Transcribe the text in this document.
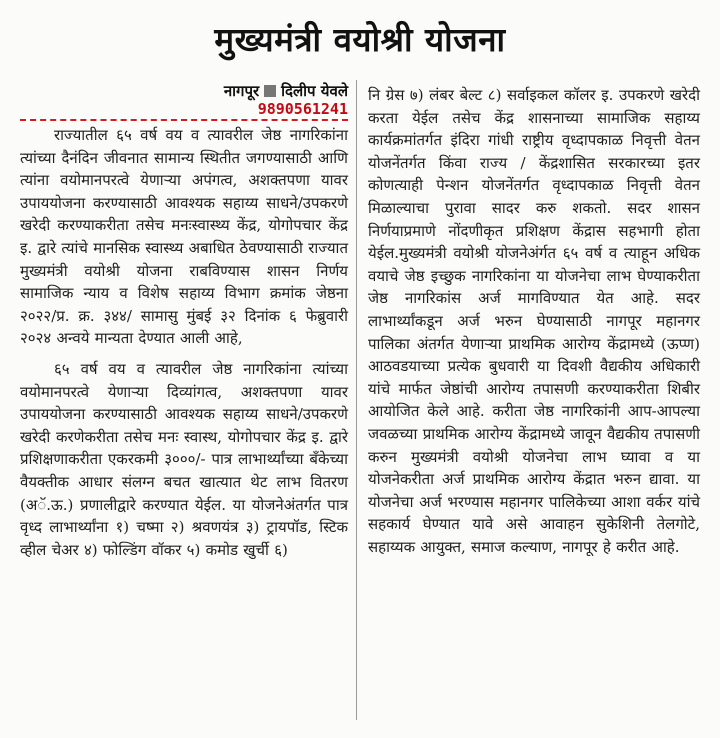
मुख्यमंत्री वयोश्री योजना
नागपूर दिलीप येवले
9890561241

राज्यातील ६५ वर्ष वय व त्यावरील जेष्ठ नागरिकांना त्यांच्या दैनंदिन जीवनात सामान्य स्थितीत जगण्यासाठी आणि त्यांना वयोमानपरत्वे येणाऱ्या अपंगत्व, अशक्तपणा यावर उपाययोजना करण्यासाठी आवश्यक सहाय्य साधने/उपकरणे खरेदी करण्याकरीता तसेच मनःस्वास्थ्य केंद्र, योगोपचार केंद्र इ. द्वारे त्यांचे मानसिक स्वास्थ्य अबाधित ठेवण्यासाठी राज्यात मुख्यमंत्री वयोश्री योजना राबविण्यास शासन निर्णय सामाजिक न्याय व विशेष सहाय्य विभाग क्रमांक जेष्ठना २०२२/प्र. क्र. ३४४/ सामासु मुंबई ३२ दिनांक ६ फेब्रुवारी २०२४ अन्वये मान्यता देण्यात आली आहे,

६५ वर्ष वय व त्यावरील जेष्ठ नागरिकांना त्यांच्या वयोमानपरत्वे येणाऱ्या दिव्यांगत्व, अशक्तपणा यावर उपाययोजना करण्यासाठी आवश्यक सहाय्य साधने/उपकरणे खरेदी करणेकरीता तसेच मनः स्वास्थ, योगोपचार केंद्र इ. द्वारे प्रशिक्षणाकरीता एकरकमी ३०००/- पात्र लाभार्थ्यांच्या बँकेच्या वैयक्तीक आधार संलग्न बचत खात्यात थेट लाभ वितरण (अॅ.ऊ.) प्रणालीद्वारे करण्यात येईल. या योजनेअंतर्गत पात्र वृध्द लाभार्थ्यांना १) चष्मा २) श्रवणयंत्र ३) ट्रायपॉड, स्टिक व्हील चेअर ४) फोल्डिंग वॉकर ५) कमोड खुर्ची ६)

नि ग्रेस ७) लंबर बेल्ट ८) सर्वाइकल कॉलर इ. उपकरणे खरेदी करता येईल तसेच केंद्र शासनाच्या सामाजिक सहाय्य कार्यक्रमांतर्गत इंदिरा गांधी राष्ट्रीय वृध्दापकाळ निवृत्ती वेतन योजनेंतर्गत किंवा राज्य / केंद्रशासित सरकारच्या इतर कोणत्याही पेन्शन योजनेंतर्गत वृध्दापकाळ निवृत्ती वेतन मिळाल्याचा पुरावा सादर करु शकतो. सदर शासन निर्णयाप्रमाणे नोंदणीकृत प्रशिक्षण केंद्रास सहभागी होता येईल.मुख्यमंत्री वयोश्री योजनेअंर्गत ६५ वर्ष व त्याहून अधिक वयाचे जेष्ठ इच्छुक नागरिकांना या योजनेचा लाभ घेण्याकरीता जेष्ठ नागरिकांस अर्ज मागविण्यात येत आहे. सदर लाभार्थ्यांकडून अर्ज भरुन घेण्यासाठी नागपूर महानगर पालिका अंतर्गत येणाऱ्या प्राथमिक आरोग्य केंद्रामध्ये (ऊप्ण) आठवडयाच्या प्रत्येक बुधवारी या दिवशी वैद्यकीय अधिकारी यांचे मार्फत जेष्ठांची आरोग्य तपासणी करण्याकरीता शिबीर आयोजित केले आहे. करीता जेष्ठ नागरिकांनी आप-आपल्या जवळच्या प्राथमिक आरोग्य केंद्रामध्ये जावून वैद्यकीय तपासणी करुन मुख्यमंत्री वयोश्री योजनेचा लाभ घ्यावा व या योजनेकरीता अर्ज प्राथमिक आरोग्य केंद्रात भरुन द्यावा. या योजनेचा अर्ज भरण्यास महानगर पालिकेच्या आशा वर्कर यांचे सहकार्य घेण्यात यावे असे आवाहन सुकेशिनी तेलगोटे, सहाय्यक आयुक्त, समाज कल्याण, नागपूर हे करीत आहे.
